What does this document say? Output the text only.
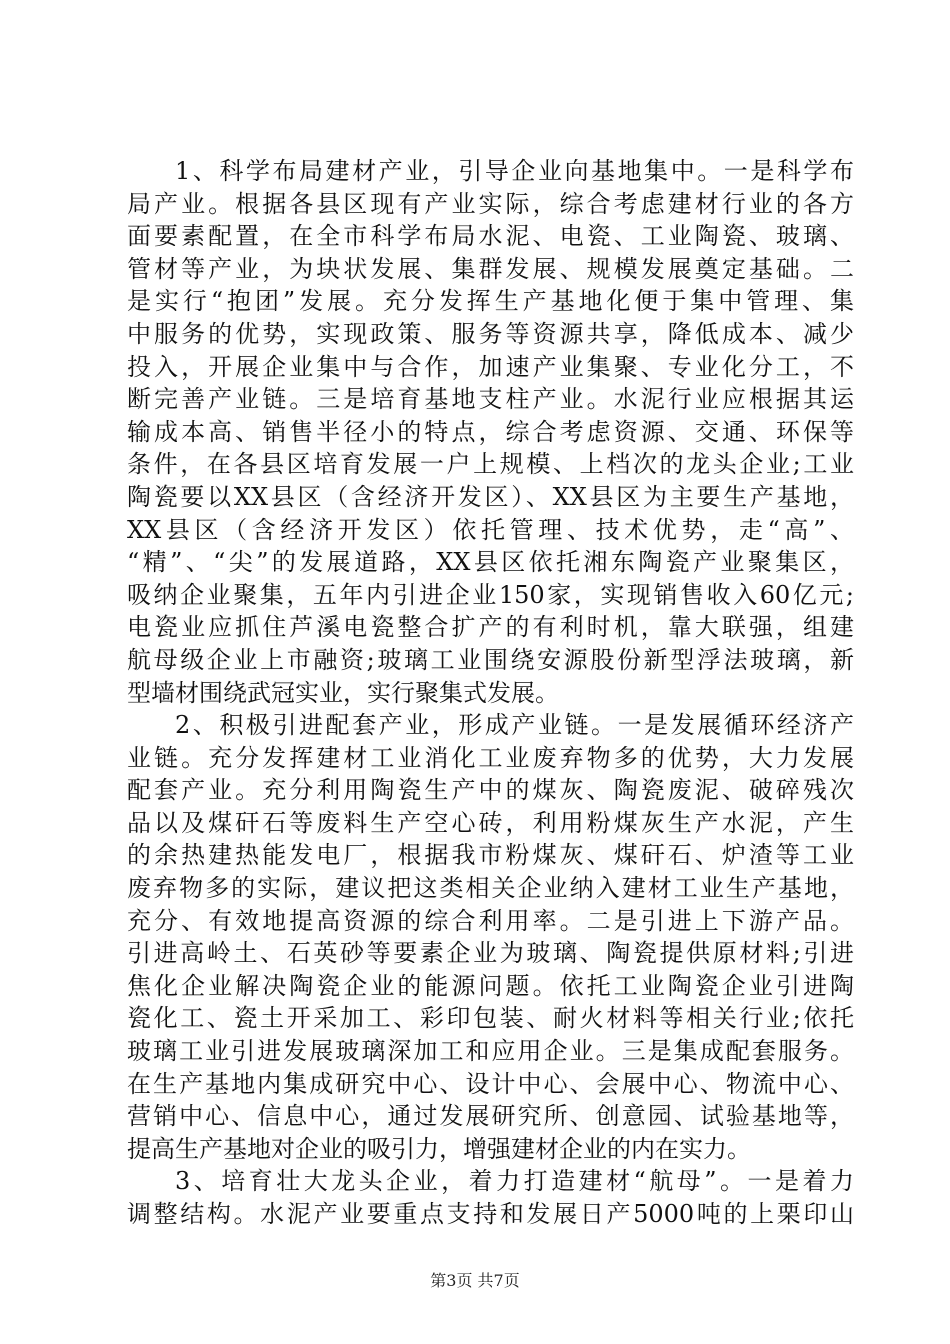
1、科学布局建材产业，引导企业向基地集中。一是科学布
局产业。根据各县区现有产业实际，综合考虑建材行业的各方
面要素配置，在全市科学布局水泥、电瓷、工业陶瓷、玻璃、
管材等产业，为块状发展、集群发展、规模发展奠定基础。二
是实行“抱团”发展。充分发挥生产基地化便于集中管理、集
中服务的优势，实现政策、服务等资源共享，降低成本、减少
投入，开展企业集中与合作，加速产业集聚、专业化分工，不
断完善产业链。三是培育基地支柱产业。水泥行业应根据其运
输成本高、销售半径小的特点，综合考虑资源、交通、环保等
条件，在各县区培育发展一户上规模、上档次的龙头企业;工业
陶瓷要以XX县区（含经济开发区）、XX县区为主要生产基地，
XX县区（含经济开发区）依托管理、技术优势，走“高”、
“精”、“尖”的发展道路，XX县区依托湘东陶瓷产业聚集区，
吸纳企业聚集，五年内引进企业150家，实现销售收入60亿元;
电瓷业应抓住芦溪电瓷整合扩产的有利时机，靠大联强，组建
航母级企业上市融资;玻璃工业围绕安源股份新型浮法玻璃，新
型墙材围绕武冠实业，实行聚集式发展。
2、积极引进配套产业，形成产业链。一是发展循环经济产
业链。充分发挥建材工业消化工业废弃物多的优势，大力发展
配套产业。充分利用陶瓷生产中的煤灰、陶瓷废泥、破碎残次
品以及煤矸石等废料生产空心砖，利用粉煤灰生产水泥，产生
的余热建热能发电厂，根据我市粉煤灰、煤矸石、炉渣等工业
废弃物多的实际，建议把这类相关企业纳入建材工业生产基地，
充分、有效地提高资源的综合利用率。二是引进上下游产品。
引进高岭土、石英砂等要素企业为玻璃、陶瓷提供原材料;引进
焦化企业解决陶瓷企业的能源问题。依托工业陶瓷企业引进陶
瓷化工、瓷土开采加工、彩印包装、耐火材料等相关行业;依托
玻璃工业引进发展玻璃深加工和应用企业。三是集成配套服务。
在生产基地内集成研究中心、设计中心、会展中心、物流中心、
营销中心、信息中心，通过发展研究所、创意园、试验基地等，
提高生产基地对企业的吸引力，增强建材企业的内在实力。
3、培育壮大龙头企业，着力打造建材“航母”。一是着力
调整结构。水泥产业要重点支持和发展日产5000吨的上栗印山
第3页 共7页
